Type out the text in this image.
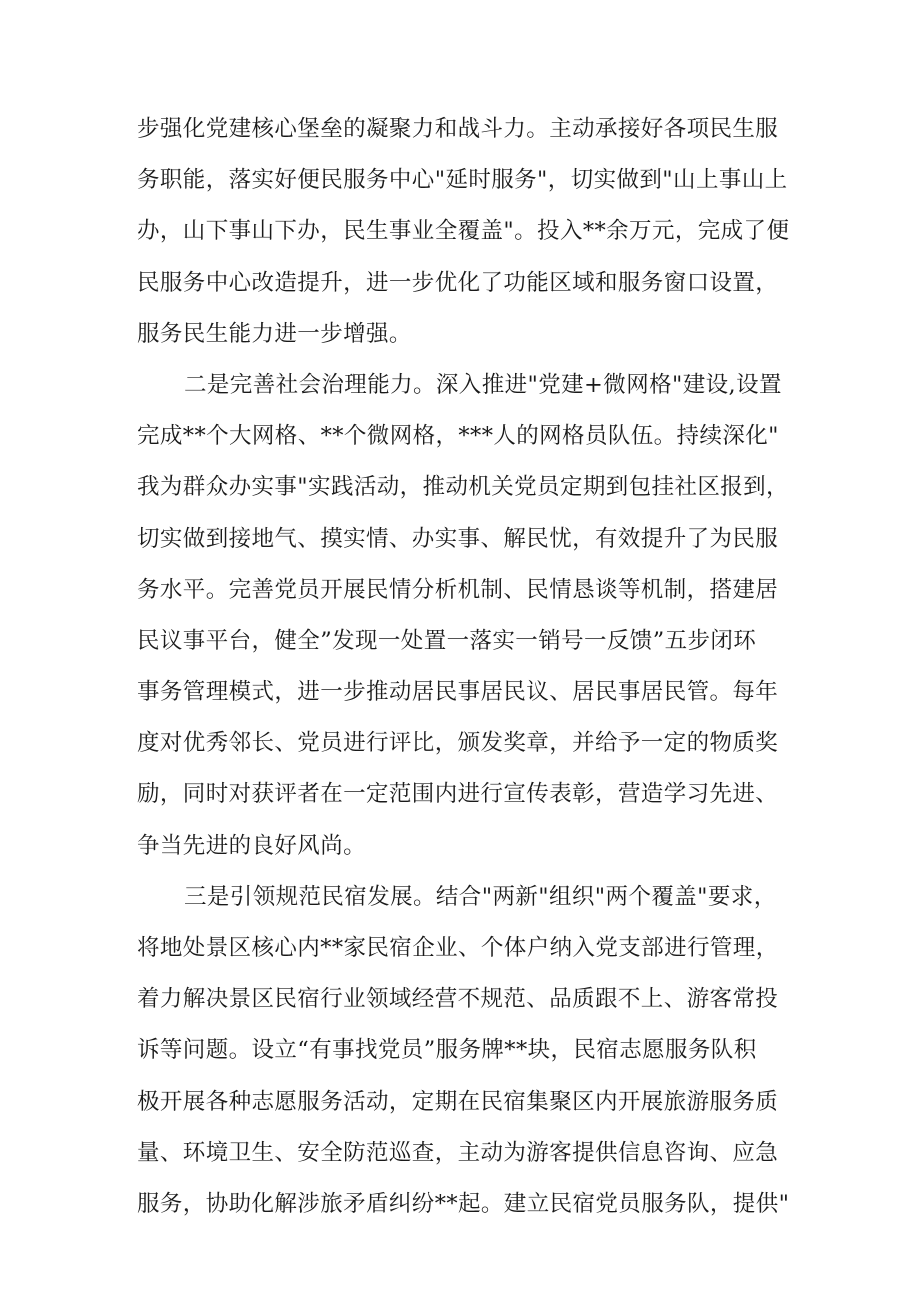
步强化党建核心堡垒的凝聚力和战斗力。主动承接好各项民生服
务职能，落实好便民服务中心"延时服务"，切实做到"山上事山上
办，山下事山下办，民生事业全覆盖"。投入**余万元，完成了便
民服务中心改造提升，进一步优化了功能区域和服务窗口设置，
服务民生能力进一步增强。
二是完善社会治理能力。深入推进"党建+微网格"建设,设置
完成**个大网格、**个微网格，***人的网格员队伍。持续深化"
我为群众办实事"实践活动，推动机关党员定期到包挂社区报到，
切实做到接地气、摸实情、办实事、解民忧，有效提升了为民服
务水平。完善党员开展民情分析机制、民情恳谈等机制，搭建居
民议事平台，健全”发现一处置一落实一销号一反馈”五步闭环
事务管理模式，进一步推动居民事居民议、居民事居民管。每年
度对优秀邻长、党员进行评比，颁发奖章，并给予一定的物质奖
励，同时对获评者在一定范围内进行宣传表彰，营造学习先进、
争当先进的良好风尚。
三是引领规范民宿发展。结合"两新"组织"两个覆盖"要求，
将地处景区核心内**家民宿企业、个体户纳入党支部进行管理，
着力解决景区民宿行业领域经营不规范、品质跟不上、游客常投
诉等问题。设立“有事找党员”服务牌**块，民宿志愿服务队积
极开展各种志愿服务活动，定期在民宿集聚区内开展旅游服务质
量、环境卫生、安全防范巡查，主动为游客提供信息咨询、应急
服务，协助化解涉旅矛盾纠纷**起。建立民宿党员服务队，提供"
